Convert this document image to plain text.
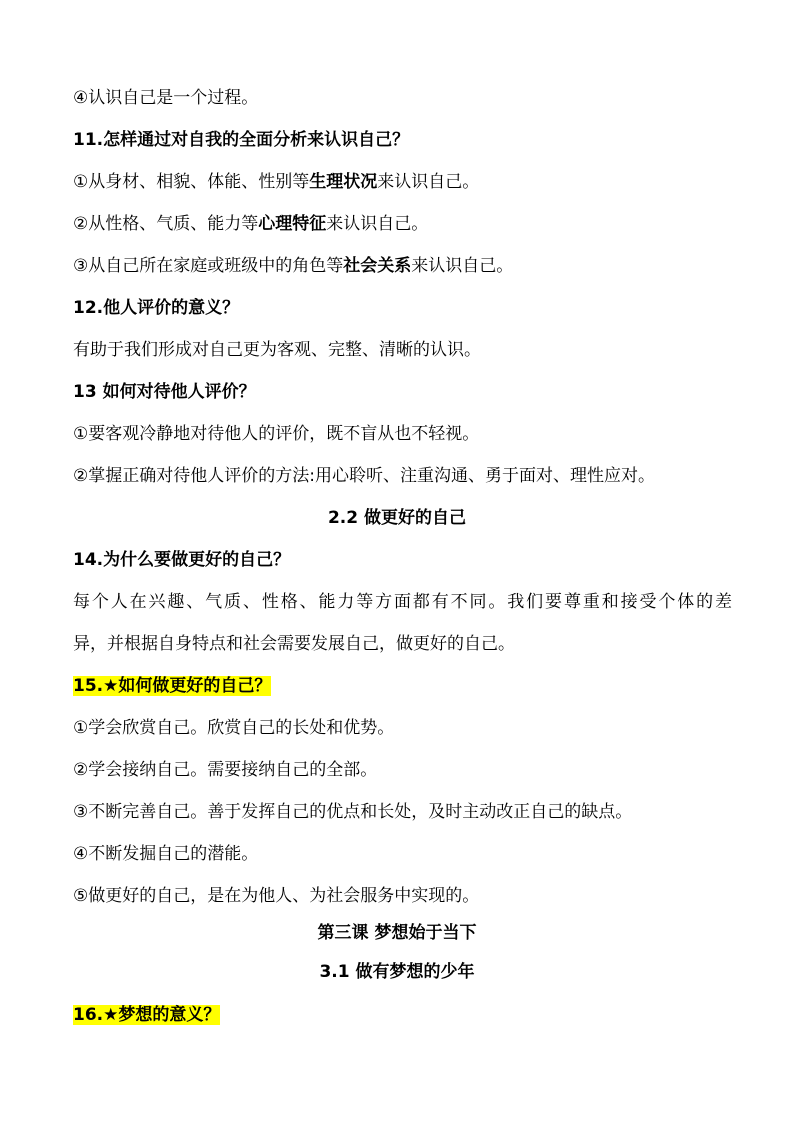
④认识自己是一个过程。
11.怎样通过对自我的全面分析来认识自己？
①从身材、相貌、体能、性别等生理状况来认识自己。
②从性格、气质、能力等心理特征来认识自己。
③从自己所在家庭或班级中的角色等社会关系来认识自己。
12.他人评价的意义？
有助于我们形成对自己更为客观、完整、清晰的认识。
13 如何对待他人评价？
①要客观冷静地对待他人的评价，既不盲从也不轻视。
②掌握正确对待他人评价的方法:用心聆听、注重沟通、勇于面对、理性应对。
2.2 做更好的自己
14.为什么要做更好的自己？
每个人在兴趣、气质、性格、能力等方面都有不同。我们要尊重和接受个体的差
异，并根据自身特点和社会需要发展自己，做更好的自己。
15.★如何做更好的自己？
①学会欣赏自己。欣赏自己的长处和优势。
②学会接纳自己。需要接纳自己的全部。
③不断完善自己。善于发挥自己的优点和长处，及时主动改正自己的缺点。
④不断发掘自己的潜能。
⑤做更好的自己，是在为他人、为社会服务中实现的。
第三课 梦想始于当下
3.1 做有梦想的少年
16.★梦想的意义？
